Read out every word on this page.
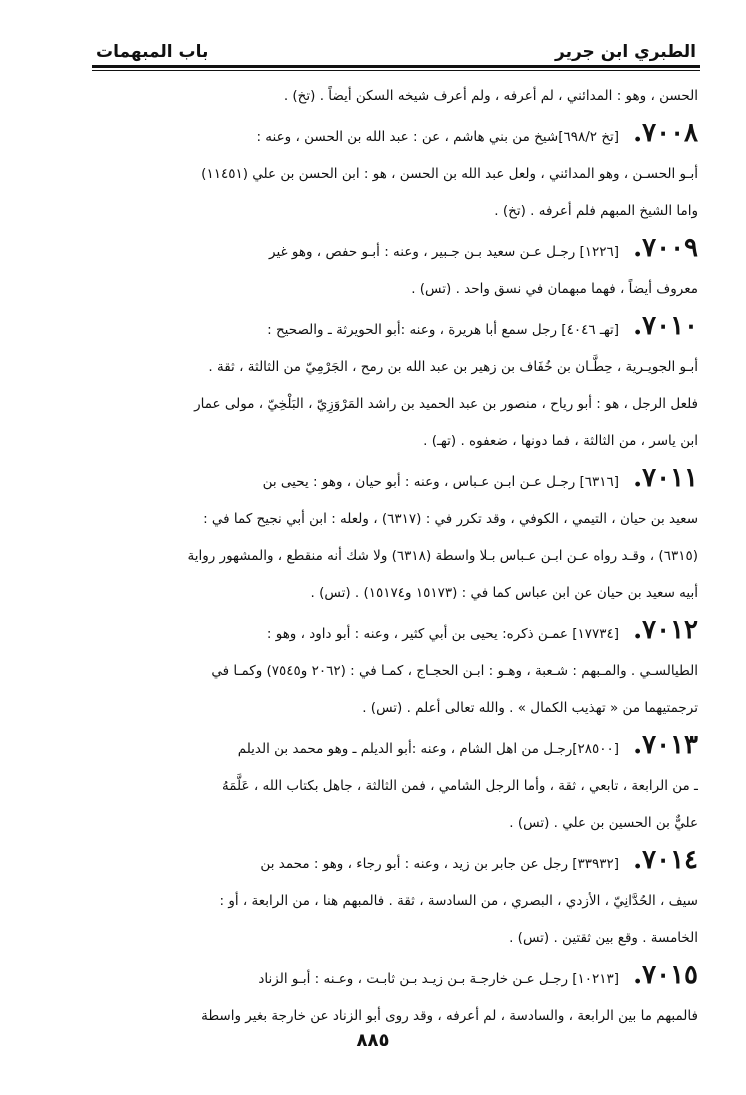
الطبري ابن جرير
باب المبهمات
الحسن ، وهو : المدائني ، لم أعرفه ، ولم أعرف شيخه السكن أيضاً . (تخ) .
٧٠٠٨.
[تخ ٦٩٨/٢]شيخ من بني هاشم ، عن : عبد الله بن الحسن ، وعنه :
أبـو الحسـن ، وهو المدائني ، ولعل عبد الله بن الحسن ، هو : ابن الحسن بن علي (١١٤٥١)
واما الشيخ المبهم فلم أعرفه . (تخ) .
٧٠٠٩.
[١٢٢٦] رجـل عـن سعيد بـن جـبير ، وعنه : أبـو حفص ، وهو غير
معروف أيضاً ، فهما مبهمان في نسق واحد . (تس) .
٧٠١٠.
[تهـ ٤٠٤٦] رجل سمع أبا هريرة ، وعنه :أبو الحويرثة ـ والصحيح :
أبـو الجويـرية ، حِطَّـان بن خُفَاف بن زهير بن عبد الله بن رمح ، الجَرْمِيّ من الثالثة ، ثقة .
فلعل الرجل ، هو : أبو رياح ، منصور بن عبد الحميد بن راشد المَرْوَزِيّ ، البَلْخِيّ ، مولى عمار
ابن ياسر ، من الثالثة ، فما دونها ، ضعفوه . (تهـ) .
٧٠١١.
[٦٣١٦] رجـل عـن ابـن عـباس ، وعنه : أبو حيان ، وهو : يحيى بن
سعيد بن حيان ، التيمي ، الكوفي ، وقد تكرر في : (٦٣١٧) ، ولعله : ابن أبي نجيح كما في :
(٦٣١٥) ، وقـد رواه عـن ابـن عـباس بـلا واسطة (٦٣١٨) ولا شك أنه منقطع ، والمشهور رواية
أبيه سعيد بن حيان عن ابن عباس كما في : (١٥١٧٣ و١٥١٧٤) . (تس) .
٧٠١٢.
[١٧٧٣٤] عمـن ذكره: يحيى بن أبي كثير ، وعنه : أبو داود ، وهو :
الطيالسـي . والمـبهم : شـعبة ، وهـو : ابـن الحجـاج ، كمـا في : (٢٠٦٢ و٧٥٤٥) وكمـا في
ترجمتيهما من « تهذيب الكمال » . والله تعالى أعلم . (تس) .
٧٠١٣.
[٢٨٥٠٠]رجـل من اهل الشام ، وعنه :أبو الديلم ـ وهو محمد بن الديلم
ـ من الرابعة ، تابعي ، ثقة ، وأما الرجل الشامي ، فمن الثالثة ، جاهل بكتاب الله ، عَلَّمَهُ
عليٌّ بن الحسين بن علي . (تس) .
٧٠١٤.
[٣٣٩٣٢] رجل عن جابر بن زيد ، وعنه : أبو رجاء ، وهو : محمد بن
سيف ، الحُدَّانِيّ ، الأزدي ، البصري ، من السادسة ، ثقة . فالمبهم هنا ، من الرابعة ، أو :
الخامسة . وقع بين ثقتين . (تس) .
٧٠١٥.
[١٠٢١٣] رجـل عـن خارجـة بـن زيـد بـن ثابـت ، وعـنه : أبـو الزناد
فالمبهم ما بين الرابعة ، والسادسة ، لم أعرفه ، وقد روى أبو الزناد عن خارجة بغير واسطة
٨٨٥
